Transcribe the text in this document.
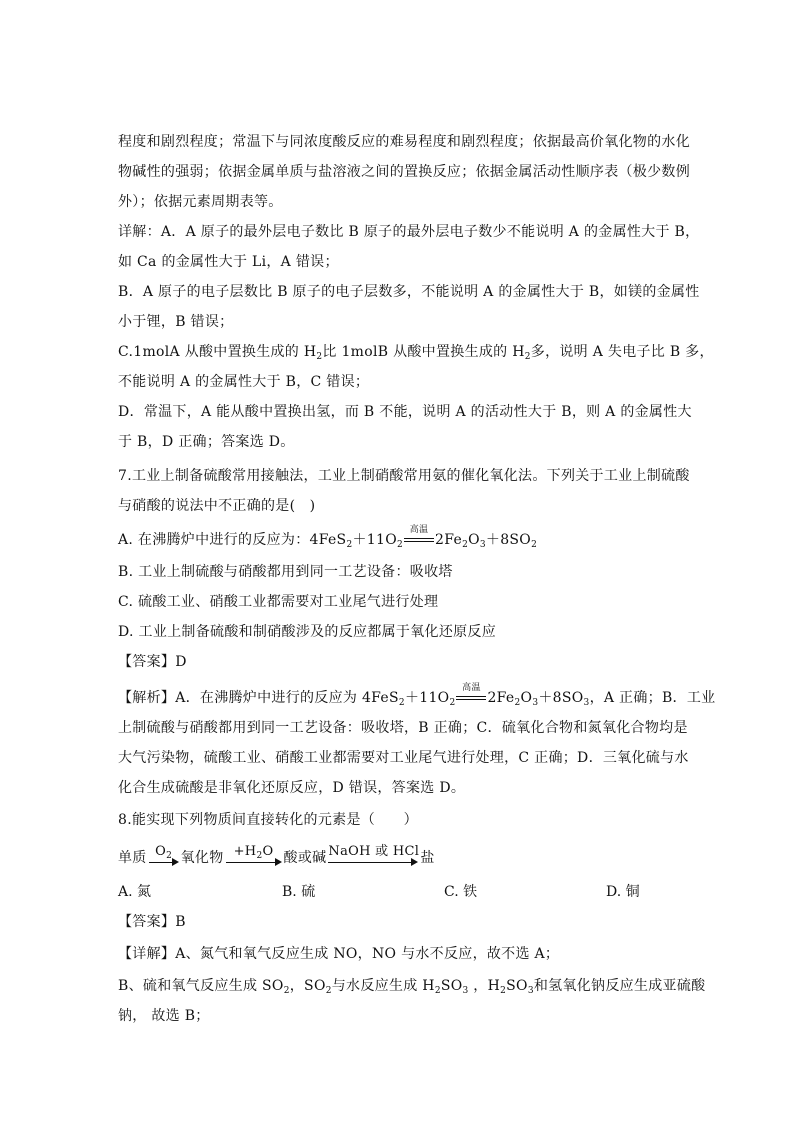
程度和剧烈程度；常温下与同浓度酸反应的难易程度和剧烈程度；依据最高价氧化物的水化
物碱性的强弱；依据金属单质与盐溶液之间的置换反应；依据金属活动性顺序表（极少数例
外）；依据元素周期表等。
详解：A．A 原子的最外层电子数比 B 原子的最外层电子数少不能说明 A 的金属性大于 B，
如 Ca 的金属性大于 Li，A 错误；
B．A 原子的电子层数比 B 原子的电子层数多，不能说明 A 的金属性大于 B，如镁的金属性
小于锂，B 错误；
C.1molA 从酸中置换生成的 $H_2$比 1molB 从酸中置换生成的 $H_2$多，说明 A 失电子比 B 多，
不能说明 A 的金属性大于 B，C 错误；
D．常温下，A 能从酸中置换出氢，而 B 不能，说明 A 的活动性大于 B，则 A 的金属性大
于 B，D 正确；答案选 D。
7.工业上制备硫酸常用接触法，工业上制硝酸常用氨的催化氧化法。下列关于工业上制硫酸
与硝酸的说法中不正确的是(　)
A. 在沸腾炉中进行的反应为：$4FeS_2+11O_2$
高温
$2Fe_2O_3+8SO_2$
B. 工业上制硫酸与硝酸都用到同一工艺设备：吸收塔
C. 硫酸工业、硝酸工业都需要对工业尾气进行处理
D. 工业上制备硫酸和制硝酸涉及的反应都属于氧化还原反应
【答案】D
【解析】A．在沸腾炉中进行的反应为 $4FeS_2+11O_2$
高温
$2Fe_2O_3+8SO_3$，A 正确；B．工业
上制硫酸与硝酸都用到同一工艺设备：吸收塔，B 正确；C．硫氧化合物和氮氧化合物均是
大气污染物，硫酸工业、硝酸工业都需要对工业尾气进行处理，C 正确；D．三氧化硫与水
化合生成硫酸是非氧化还原反应，D 错误，答案选 D。
8.能实现下列物质间直接转化的元素是（　　）
单质 $O_2$ 氧化物 $+H_2O$ 酸或碱 NaOH 或 HCl 盐
A. 氮	B. 硫	C. 铁	D. 铜
【答案】B
【详解】A、氮气和氧气反应生成 NO，NO 与水不反应，故不选 A；
B、硫和氧气反应生成 $SO_2$，$SO_2$与水反应生成 $H_2SO_3$ ，$H_2SO_3$和氢氧化钠反应生成亚硫酸
钠， 故选 B；
